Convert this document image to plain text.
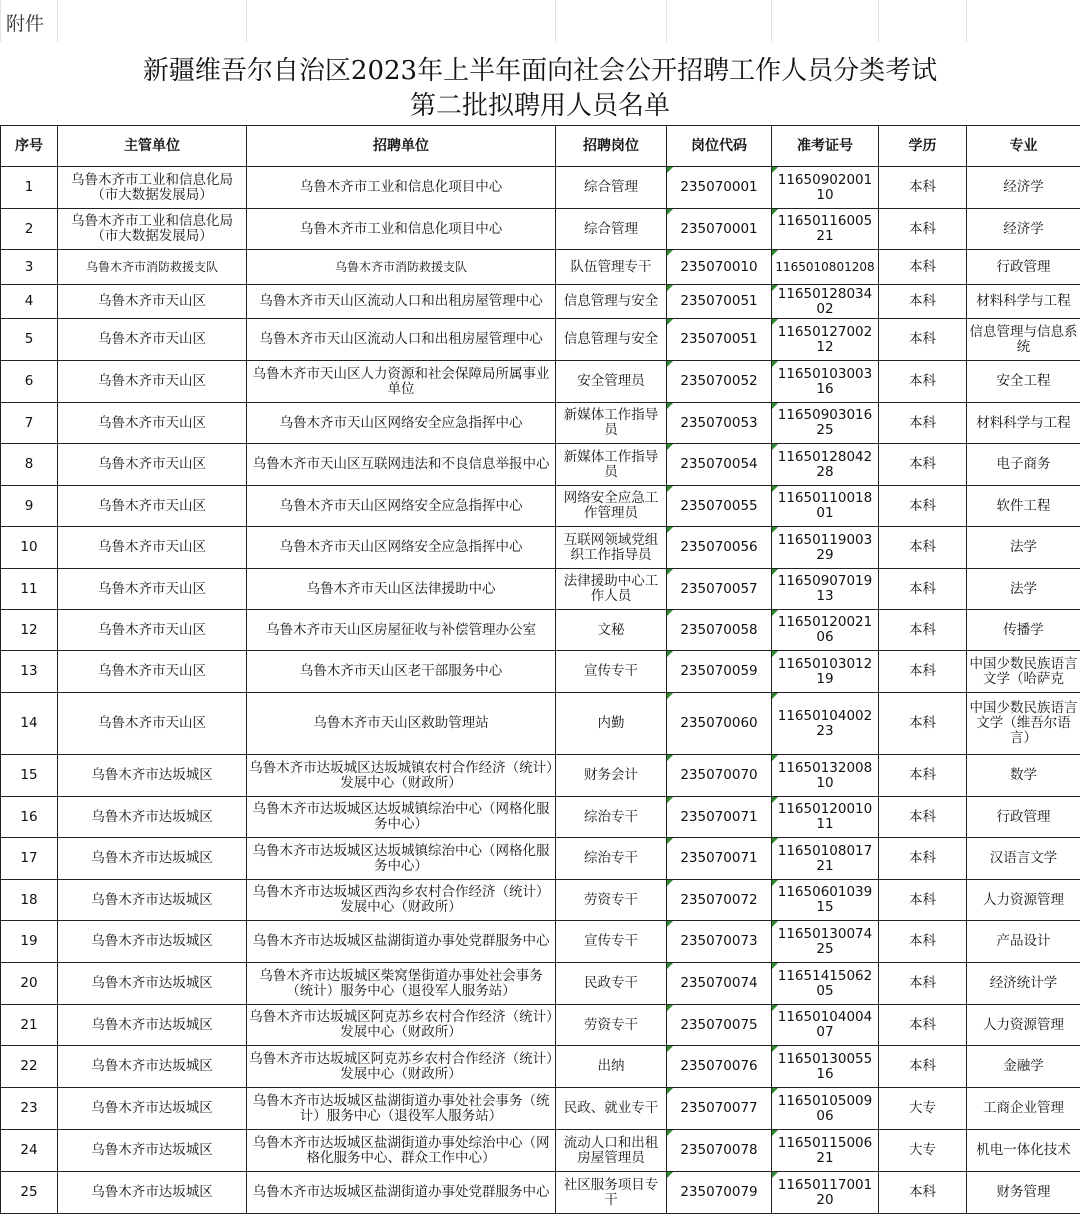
附件
新疆维吾尔自治区2023年上半年面向社会公开招聘工作人员分类考试
第二批拟聘用人员名单
序号	主管单位	招聘单位	招聘岗位	岗位代码	准考证号	学历	专业
1	乌鲁木齐市工业和信息化局（市大数据发展局）	乌鲁木齐市工业和信息化项目中心	综合管理	235070001	1165090200110	本科	经济学
2	乌鲁木齐市工业和信息化局（市大数据发展局）	乌鲁木齐市工业和信息化项目中心	综合管理	235070001	1165011600521	本科	经济学
3	乌鲁木齐市消防救援支队	乌鲁木齐市消防救援支队	队伍管理专干	235070010	1165010801208	本科	行政管理
4	乌鲁木齐市天山区	乌鲁木齐市天山区流动人口和出租房屋管理中心	信息管理与安全	235070051	1165012803402	本科	材料科学与工程
5	乌鲁木齐市天山区	乌鲁木齐市天山区流动人口和出租房屋管理中心	信息管理与安全	235070051	1165012700212	本科	信息管理与信息系统
6	乌鲁木齐市天山区	乌鲁木齐市天山区人力资源和社会保障局所属事业单位	安全管理员	235070052	1165010300316	本科	安全工程
7	乌鲁木齐市天山区	乌鲁木齐市天山区网络安全应急指挥中心	新媒体工作指导员	235070053	1165090301625	本科	材料科学与工程
8	乌鲁木齐市天山区	乌鲁木齐市天山区互联网违法和不良信息举报中心	新媒体工作指导员	235070054	1165012804228	本科	电子商务
9	乌鲁木齐市天山区	乌鲁木齐市天山区网络安全应急指挥中心	网络安全应急工作管理员	235070055	1165011001801	本科	软件工程
10	乌鲁木齐市天山区	乌鲁木齐市天山区网络安全应急指挥中心	互联网领域党组织工作指导员	235070056	1165011900329	本科	法学
11	乌鲁木齐市天山区	乌鲁木齐市天山区法律援助中心	法律援助中心工作人员	235070057	1165090701913	本科	法学
12	乌鲁木齐市天山区	乌鲁木齐市天山区房屋征收与补偿管理办公室	文秘	235070058	1165012002106	本科	传播学
13	乌鲁木齐市天山区	乌鲁木齐市天山区老干部服务中心	宣传专干	235070059	1165010301219	本科	中国少数民族语言文学（哈萨克
14	乌鲁木齐市天山区	乌鲁木齐市天山区救助管理站	内勤	235070060	1165010400223	本科	中国少数民族语言文学（维吾尔语言）
15	乌鲁木齐市达坂城区	乌鲁木齐市达坂城区达坂城镇农村合作经济（统计）发展中心（财政所）	财务会计	235070070	1165013200810	本科	数学
16	乌鲁木齐市达坂城区	乌鲁木齐市达坂城区达坂城镇综治中心（网格化服务中心）	综治专干	235070071	1165012001011	本科	行政管理
17	乌鲁木齐市达坂城区	乌鲁木齐市达坂城区达坂城镇综治中心（网格化服务中心）	综治专干	235070071	1165010801721	本科	汉语言文学
18	乌鲁木齐市达坂城区	乌鲁木齐市达坂城区西沟乡农村合作经济（统计）发展中心（财政所）	劳资专干	235070072	1165060103915	本科	人力资源管理
19	乌鲁木齐市达坂城区	乌鲁木齐市达坂城区盐湖街道办事处党群服务中心	宣传专干	235070073	1165013007425	本科	产品设计
20	乌鲁木齐市达坂城区	乌鲁木齐市达坂城区柴窝堡街道办事处社会事务（统计）服务中心（退役军人服务站）	民政专干	235070074	1165141506205	本科	经济统计学
21	乌鲁木齐市达坂城区	乌鲁木齐市达坂城区阿克苏乡农村合作经济（统计）发展中心（财政所）	劳资专干	235070075	1165010400407	本科	人力资源管理
22	乌鲁木齐市达坂城区	乌鲁木齐市达坂城区阿克苏乡农村合作经济（统计）发展中心（财政所）	出纳	235070076	1165013005516	本科	金融学
23	乌鲁木齐市达坂城区	乌鲁木齐市达坂城区盐湖街道办事处社会事务（统计）服务中心（退役军人服务站）	民政、就业专干	235070077	1165010500906	大专	工商企业管理
24	乌鲁木齐市达坂城区	乌鲁木齐市达坂城区盐湖街道办事处综治中心（网格化服务中心、群众工作中心）	流动人口和出租房屋管理员	235070078	1165011500621	大专	机电一体化技术
25	乌鲁木齐市达坂城区	乌鲁木齐市达坂城区盐湖街道办事处党群服务中心	社区服务项目专干	235070079	1165011700120	本科	财务管理
